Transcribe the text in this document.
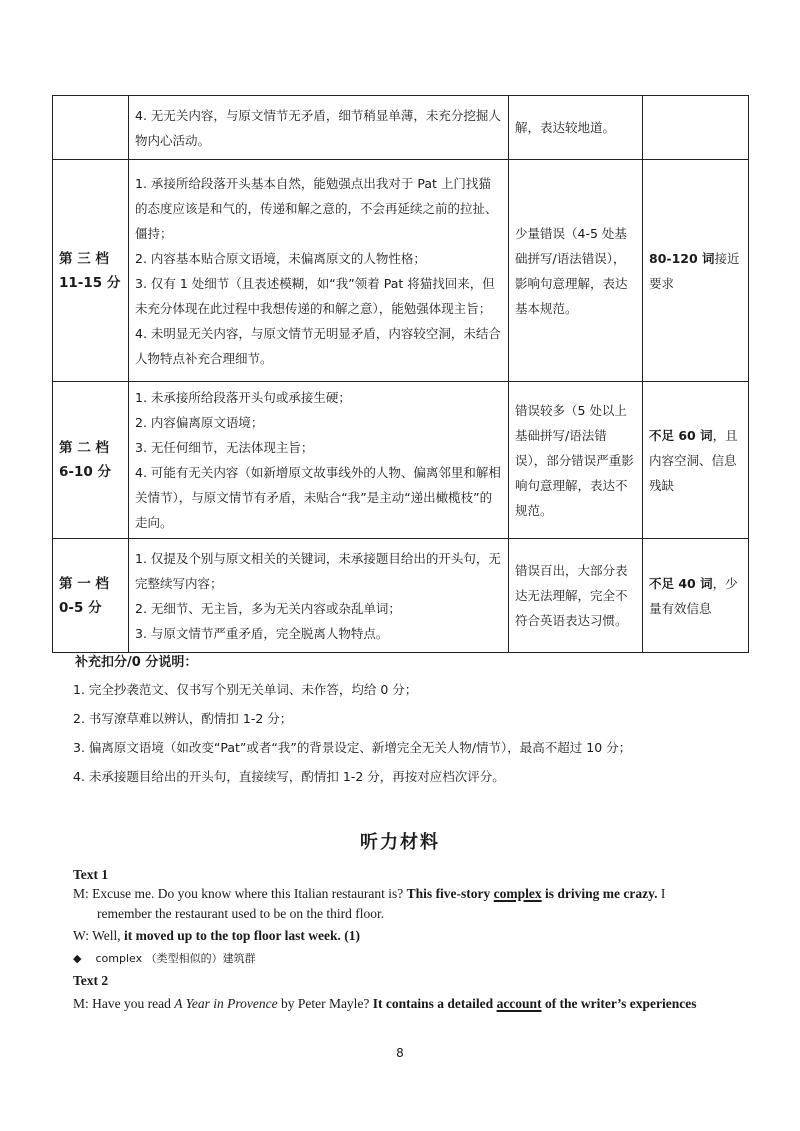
	4. 无无关内容，与原文情节无矛盾，细节稍显单薄，未充分挖掘人物内心活动。	解，表达较地道。	

第 三 档
11-15 分	1. 承接所给段落开头基本自然，能勉强点出我对于 Pat 上门找猫的态度应该是和气的，传递和解之意的，不会再延续之前的拉扯、僵持；
2. 内容基本贴合原文语境，未偏离原文的人物性格；
3. 仅有 1 处细节（且表述模糊，如“我”领着 Pat 将猫找回来，但未充分体现在此过程中我想传递的和解之意），能勉强体现主旨；
4. 未明显无关内容，与原文情节无明显矛盾，内容较空洞，未结合人物特点补充合理细节。	少量错误（4-5 处基础拼写/语法错误），影响句意理解，表达基本规范。	80-120 词接近要求

第 二 档
6-10 分	1. 未承接所给段落开头句或承接生硬；
2. 内容偏离原文语境；
3. 无任何细节，无法体现主旨；
4. 可能有无关内容（如新增原文故事线外的人物、偏离邻里和解相关情节），与原文情节有矛盾，未贴合“我”是主动“递出橄榄枝”的走向。	错误较多（5 处以上基础拼写/语法错误），部分错误严重影响句意理解，表达不规范。	不足 60 词，且内容空洞、信息残缺

第 一 档
0-5 分	1. 仅提及个别与原文相关的关键词，未承接题目给出的开头句，无完整续写内容；
2. 无细节、无主旨，多为无关内容或杂乱单词；
3. 与原文情节严重矛盾，完全脱离人物特点。	错误百出，大部分表达无法理解，完全不符合英语表达习惯。	不足 40 词，少量有效信息
补充扣分/0 分说明：
1. 完全抄袭范文、仅书写个别无关单词、未作答，均给 0 分；
2. 书写潦草难以辨认，酌情扣 1-2 分；
3. 偏离原文语境（如改变“Pat”或者“我”的背景设定、新增完全无关人物/情节），最高不超过 10 分；
4. 未承接题目给出的开头句，直接续写，酌情扣 1-2 分，再按对应档次评分。
听力材料
Text 1
M: Excuse me. Do you know where this Italian restaurant is? This five-story complex is driving me crazy. I
remember the restaurant used to be on the third floor.
W: Well, it moved up to the top floor last week. (1)
◆ complex （类型相似的）建筑群
Text 2
M: Have you read A Year in Provence by Peter Mayle? It contains a detailed account of the writer’s experiences
8
